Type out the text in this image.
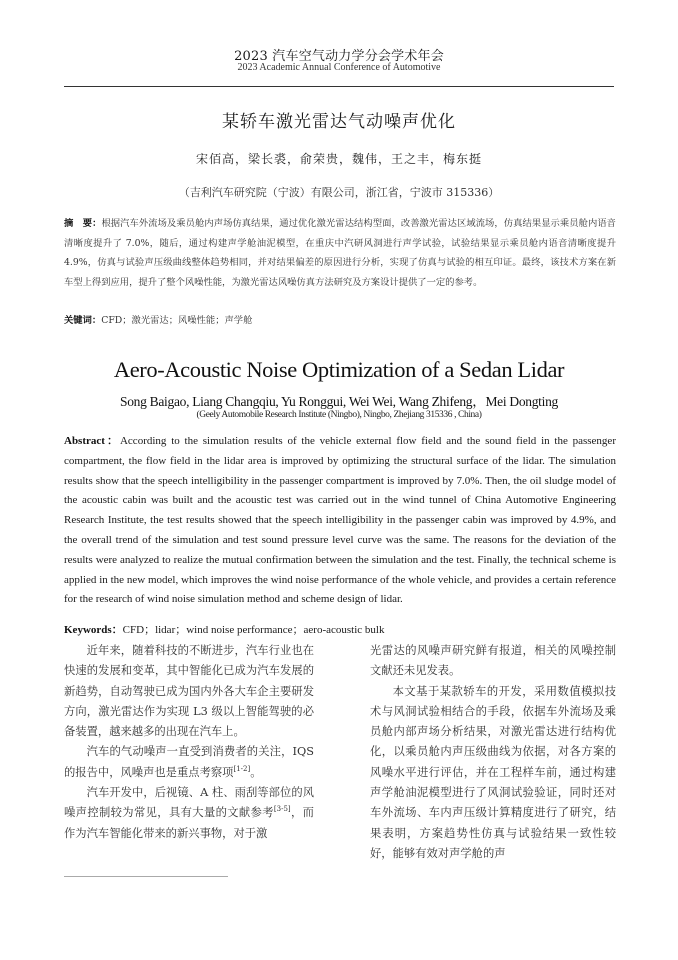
2023 汽车空气动力学分会学术年会
2023 Academic Annual Conference of Automotive
某轿车激光雷达气动噪声优化
宋佰高，梁长裘，俞荣贵，魏伟，王之丰，梅东挺
（吉利汽车研究院（宁波）有限公司，浙江省，宁波市 315336）
摘　要：根据汽车外流场及乘员舱内声场仿真结果，通过优化激光雷达结构型面，改善激光雷达区域流场，仿真结果显示乘员舱内语音清晰度提升了 7.0%，随后，通过构建声学舱油泥模型，在重庆中汽研风洞进行声学试验，试验结果显示乘员舱内语音清晰度提升 4.9%，仿真与试验声压级曲线整体趋势相同，并对结果偏差的原因进行分析，实现了仿真与试验的相互印证。最终，该技术方案在新车型上得到应用，提升了整个风噪性能，为激光雷达风噪仿真方法研究及方案设计提供了一定的参考。
关键词：CFD；激光雷达；风噪性能；声学舱
Aero-Acoustic Noise Optimization of a Sedan Lidar
Song Baigao, Liang Changqiu, Yu Ronggui, Wei Wei, Wang Zhifeng，Mei Dongting
(Geely Automobile Research Institute (Ningbo), Ningbo, Zhejiang 315336 , China)
Abstract：According to the simulation results of the vehicle external flow field and the sound field in the passenger compartment, the flow field in the lidar area is improved by optimizing the structural surface of the lidar. The simulation results show that the speech intelligibility in the passenger compartment is improved by 7.0%. Then, the oil sludge model of the acoustic cabin was built and the acoustic test was carried out in the wind tunnel of China Automotive Engineering Research Institute, the test results showed that the speech intelligibility in the passenger cabin was improved by 4.9%, and the overall trend of the simulation and test sound pressure level curve was the same. The reasons for the deviation of the results were analyzed to realize the mutual confirmation between the simulation and the test. Finally, the technical scheme is applied in the new model, which improves the wind noise performance of the whole vehicle, and provides a certain reference for the research of wind noise simulation method and scheme design of lidar.
Keywords：CFD；lidar；wind noise performance；aero-acoustic bulk

近年来，随着科技的不断进步，汽车行业也在快速的发展和变革，其中智能化已成为汽车发展的新趋势，自动驾驶已成为国内外各大车企主要研发方向，激光雷达作为实现 L3 级以上智能驾驶的必备装置，越来越多的出现在汽车上。

汽车的气动噪声一直受到消费者的关注，IQS 的报告中，风噪声也是重点考察项[1-2]。

汽车开发中，后视镜、A 柱、雨刮等部位的风噪声控制较为常见，具有大量的文献参考[3-5]，而作为汽车智能化带来的新兴事物，对于激

光雷达的风噪声研究鲜有报道，相关的风噪控制文献还未见发表。

本文基于某款轿车的开发，采用数值模拟技术与风洞试验相结合的手段，依据车外流场及乘员舱内部声场分析结果，对激光雷达进行结构优化，以乘员舱内声压级曲线为依据，对各方案的风噪水平进行评估，并在工程样车前，通过构建声学舱油泥模型进行了风洞试验验证，同时还对车外流场、车内声压级计算精度进行了研究，结果表明，方案趋势性仿真与试验结果一致性较好，能够有效对声学舱的声
